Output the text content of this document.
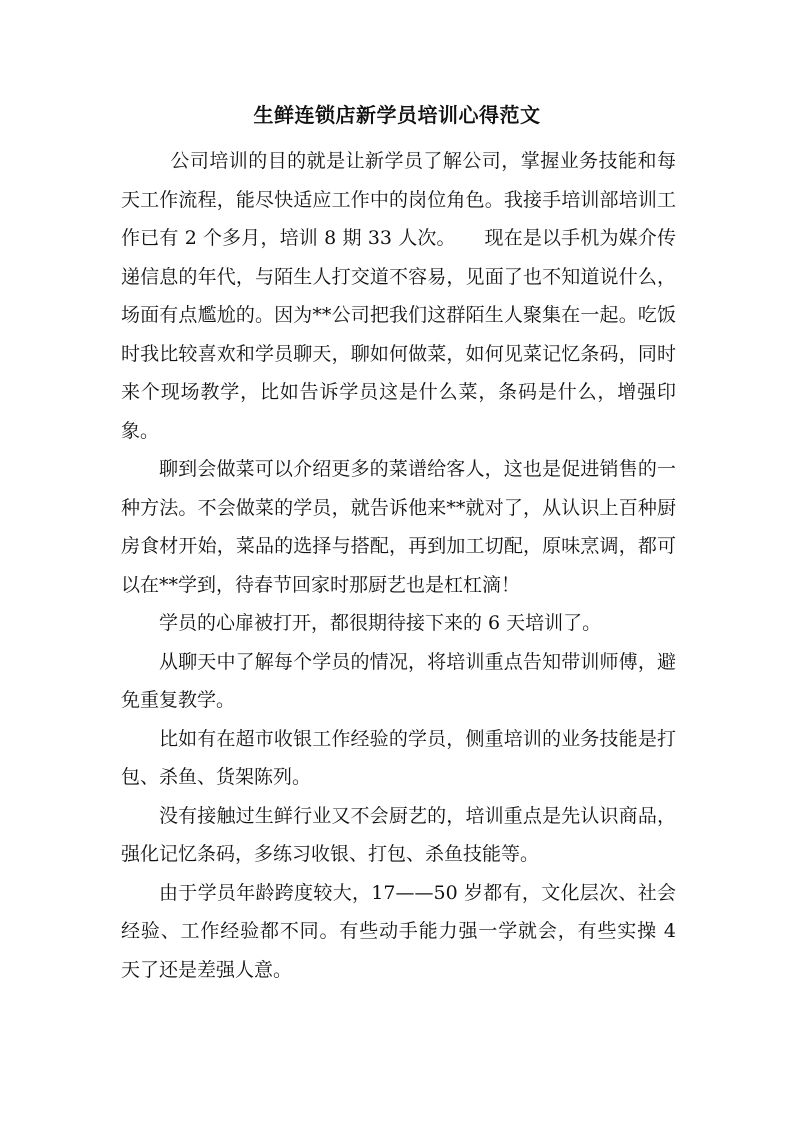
生鲜连锁店新学员培训心得范文

公司培训的目的就是让新学员了解公司，掌握业务技能和每天工作流程，能尽快适应工作中的岗位角色。我接手培训部培训工作已有 2 个多月，培训 8 期 33 人次。　　现在是以手机为媒介传递信息的年代，与陌生人打交道不容易，见面了也不知道说什么，场面有点尷尬的。因为**公司把我们这群陌生人聚集在一起。吃饭时我比较喜欢和学员聊天，聊如何做菜，如何见菜记忆条码，同时来个现场教学，比如告诉学员这是什么菜，条码是什么，增强印象。

聊到会做菜可以介绍更多的菜谱给客人，这也是促进销售的一种方法。不会做菜的学员，就告诉他来**就对了，从认识上百种厨房食材开始，菜品的选择与搭配，再到加工切配，原味烹调，都可以在**学到，待春节回家时那厨艺也是杠杠滴！

学员的心扉被打开，都很期待接下来的 6 天培训了。

从聊天中了解每个学员的情况，将培训重点告知带训师傅，避免重复教学。

比如有在超市收银工作经验的学员，侧重培训的业务技能是打包、杀鱼、货架陈列。

没有接触过生鲜行业又不会厨艺的，培训重点是先认识商品，强化记忆条码，多练习收银、打包、杀鱼技能等。

由于学员年龄跨度较大，17——50 岁都有，文化层次、社会经验、工作经验都不同。有些动手能力强一学就会，有些实操 4 天了还是差强人意。
